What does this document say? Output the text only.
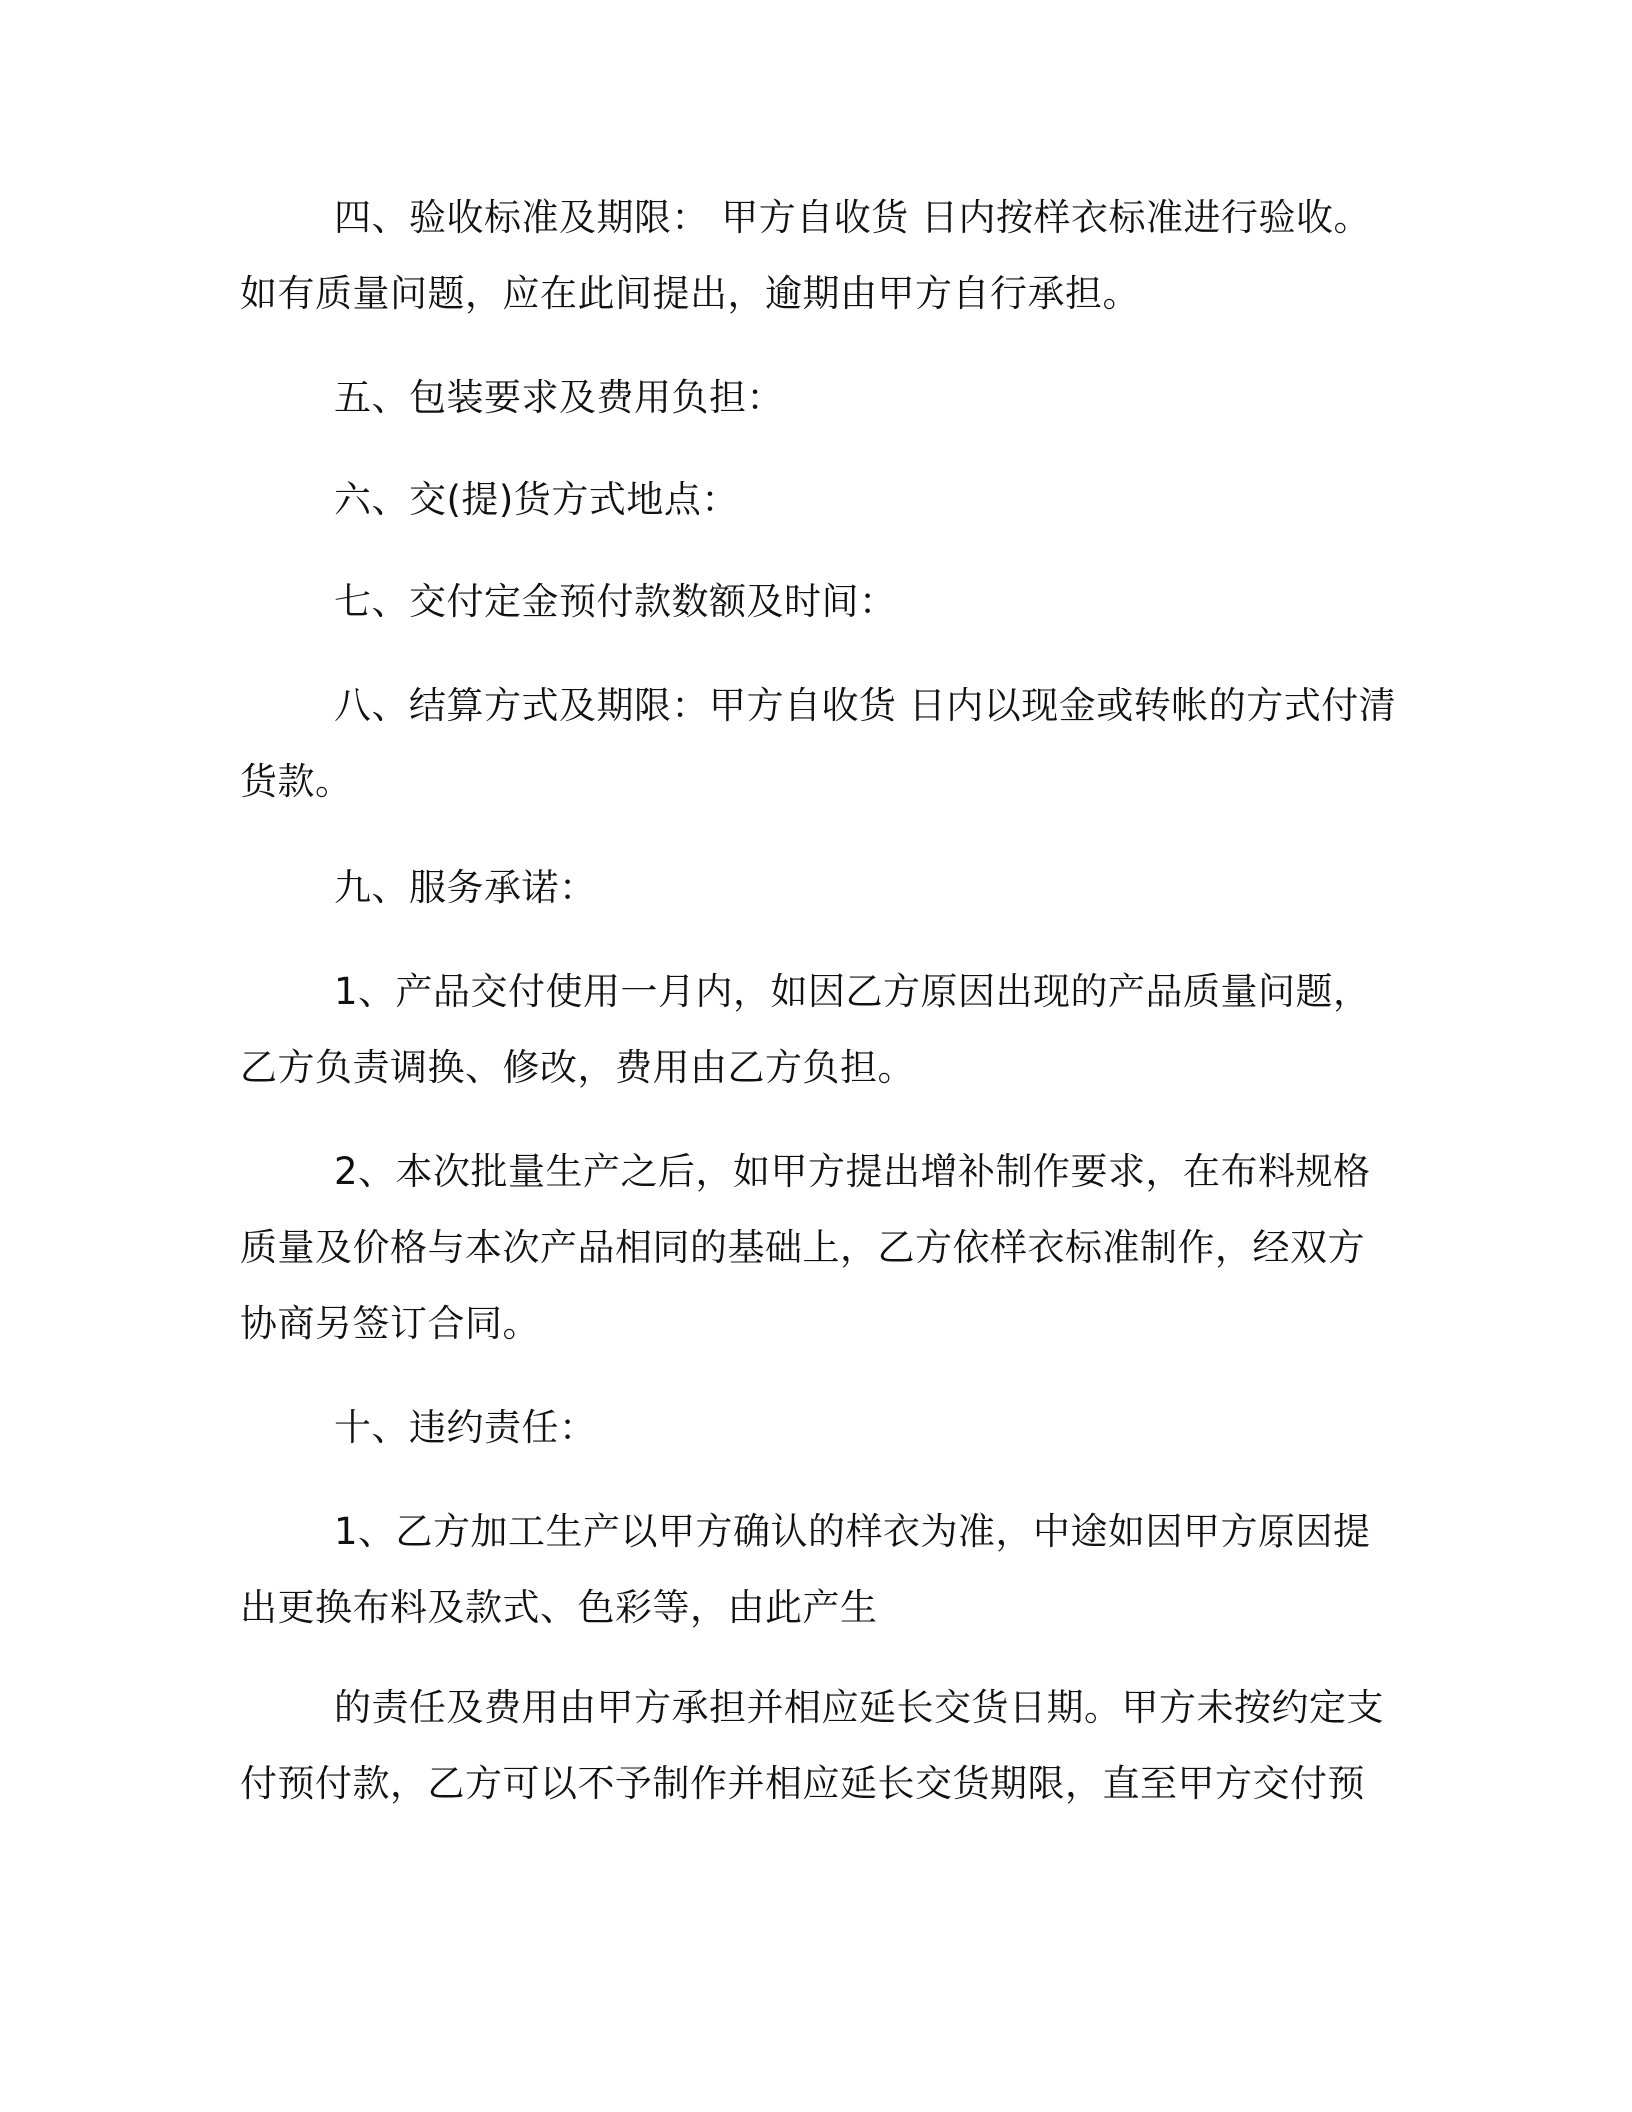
四、验收标准及期限： 甲方自收货 日内按样衣标准进行验收。
如有质量问题，应在此间提出，逾期由甲方自行承担。

五、包装要求及费用负担：

六、交(提)货方式地点：

七、交付定金预付款数额及时间：

八、结算方式及期限：甲方自收货 日内以现金或转帐的方式付清
货款。

九、服务承诺：

1、产品交付使用一月内，如因乙方原因出现的产品质量问题，
乙方负责调换、修改，费用由乙方负担。

2、本次批量生产之后，如甲方提出增补制作要求，在布料规格
质量及价格与本次产品相同的基础上，乙方依样衣标准制作，经双方
协商另签订合同。

十、违约责任：

1、乙方加工生产以甲方确认的样衣为准，中途如因甲方原因提
出更换布料及款式、色彩等，由此产生

的责任及费用由甲方承担并相应延长交货日期。甲方未按约定支
付预付款，乙方可以不予制作并相应延长交货期限，直至甲方交付预
